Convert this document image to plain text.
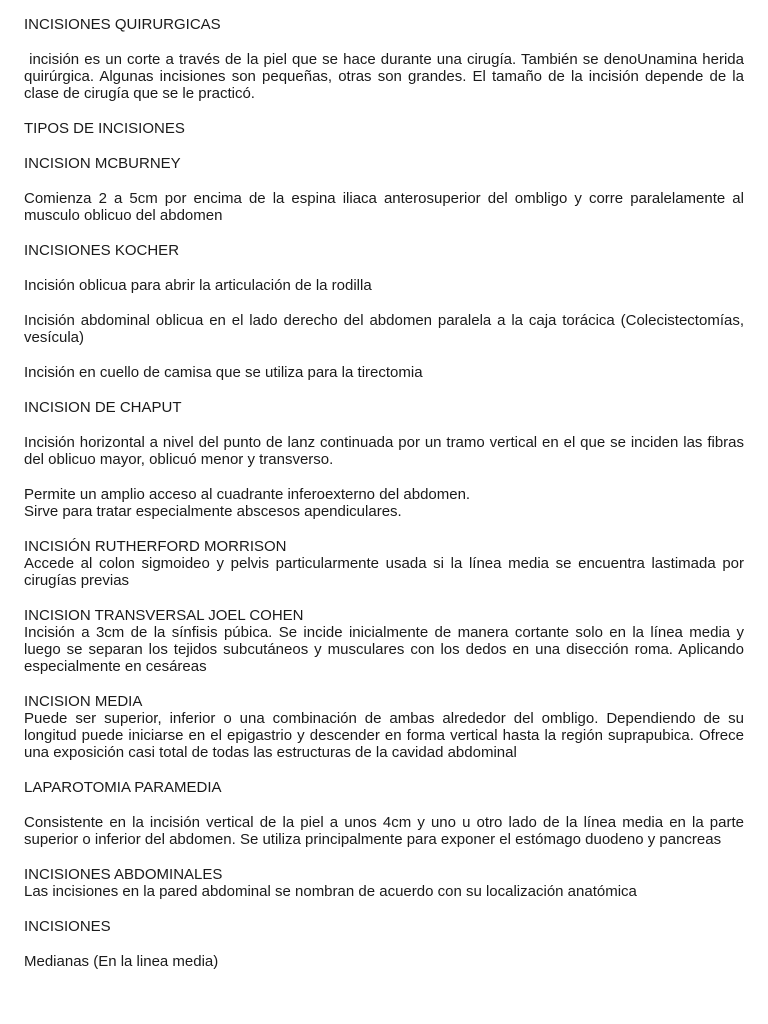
INCISIONES QUIRURGICAS
incisión es un corte a través de la piel que se hace durante una cirugía. También se denoUnamina herida quirúrgica. Algunas incisiones son pequeñas, otras son grandes. El tamaño de la incisión depende de la clase de cirugía que se le practicó.
TIPOS DE INCISIONES
INCISION MCBURNEY
Comienza 2 a 5cm por encima de la espina iliaca anterosuperior del ombligo y corre paralelamente al musculo oblicuo del abdomen
INCISIONES KOCHER
Incisión oblicua para abrir la articulación de la rodilla
Incisión abdominal oblicua en el lado derecho del abdomen paralela a la caja torácica (Colecistectomías, vesícula)
Incisión en cuello de camisa que se utiliza para la tirectomia
INCISION DE CHAPUT
Incisión horizontal a nivel del punto de lanz continuada por un tramo vertical en el que se inciden las fibras del oblicuo mayor, oblicuó menor y transverso.
Permite un amplio acceso al cuadrante inferoexterno del abdomen.
Sirve para tratar especialmente abscesos apendiculares.
INCISIÓN RUTHERFORD MORRISON
Accede al colon sigmoideo y pelvis particularmente usada si la línea media se encuentra lastimada por cirugías previas
INCISION TRANSVERSAL JOEL COHEN
Incisión a 3cm de la sínfisis púbica. Se incide inicialmente de manera cortante solo en la línea media y luego se separan los tejidos subcutáneos y musculares con los dedos en una disección roma. Aplicando especialmente en cesáreas
INCISION MEDIA
Puede ser superior, inferior o una combinación de ambas alrededor del ombligo. Dependiendo de su longitud puede iniciarse en el epigastrio y descender en forma vertical hasta la región suprapubica. Ofrece una exposición casi total de todas las estructuras de la cavidad abdominal
LAPAROTOMIA PARAMEDIA
Consistente en la incisión vertical de la piel a unos 4cm y uno u otro lado de la línea media en la parte superior o inferior del abdomen. Se utiliza principalmente para exponer el estómago duodeno y pancreas
INCISIONES ABDOMINALES
Las incisiones en la pared abdominal se nombran de acuerdo con su localización anatómica
INCISIONES
Medianas (En la linea media)
